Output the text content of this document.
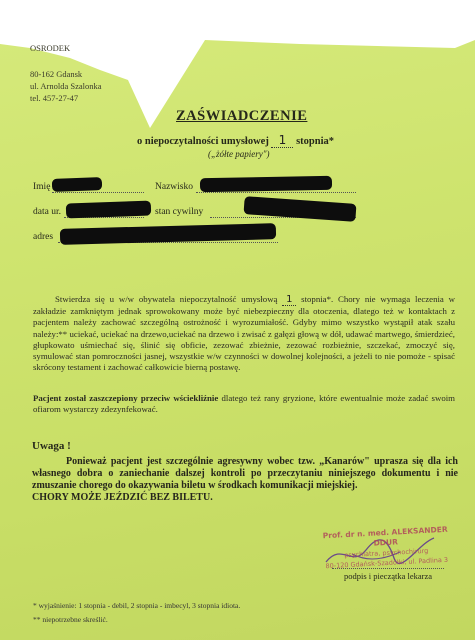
OSRODEK
80-162 Gdansk
ul. Arnolda Szalonka
tel. 457-27-47
ZAŚWIADCZENIE
o niepoczytalności umysłowej 1 stopnia*
(„żółte papiery")
Imię	Nazwisko
data ur.	stan cywilny
adres
Stwierdza się u w/w obywatela niepoczytalność umysłową 1 stopnia*. Chory nie wymaga leczenia w zakładzie zamkniętym jednak sprowokowany może być niebezpieczny dla otoczenia, dlatego też w kontaktach z pacjentem należy zachować szczególną ostrożność i wyrozumiałość. Gdyby mimo wszystko wystąpił atak szału należy:** uciekać, uciekać na drzewo,uciekać na drzewo i zwisać z gałęzi głową w dół, udawać martwego, śmierdzieć, głupkowato uśmiechać się, ślinić się obficie, zezować zbieżnie, zezować rozbieżnie, szczekać, zmoczyć się, symulować stan pomroczności jasnej, wszystkie w/w czynności w dowolnej kolejności, a jeżeli to nie pomoże - spisać skrócony testament i zachować całkowicie bierną postawę.
Pacjent został zaszczepiony przeciw wściekliźnie dlatego też rany gryzione, które ewentualnie może zadać swoim ofiarom wystarczy zdezynfekować.
Uwaga !
Ponieważ pacjent jest szczególnie agresywny wobec tzw. „Kanarów" uprasza się dla ich własnego dobra o zaniechanie dalszej kontroli po przeczytaniu niniejszego dokumentu i nie zmuszanie chorego do okazywania biletu w środkach komunikacji miejskiej.
CHORY MOŻE JEŹDZIĆ BEZ BILETU.
Prof. dr n. med. ALEKSANDER DDUR
psychiatra, psychochirurg
80-120 Gdańsk-Szadółki, ul. Padlina 3
podpis i pieczątka lekarza
* wyjaśnienie: 1 stopnia - debil, 2 stopnia - imbecyl, 3 stopnia idiota.
** niepotrzebne skreślić.
